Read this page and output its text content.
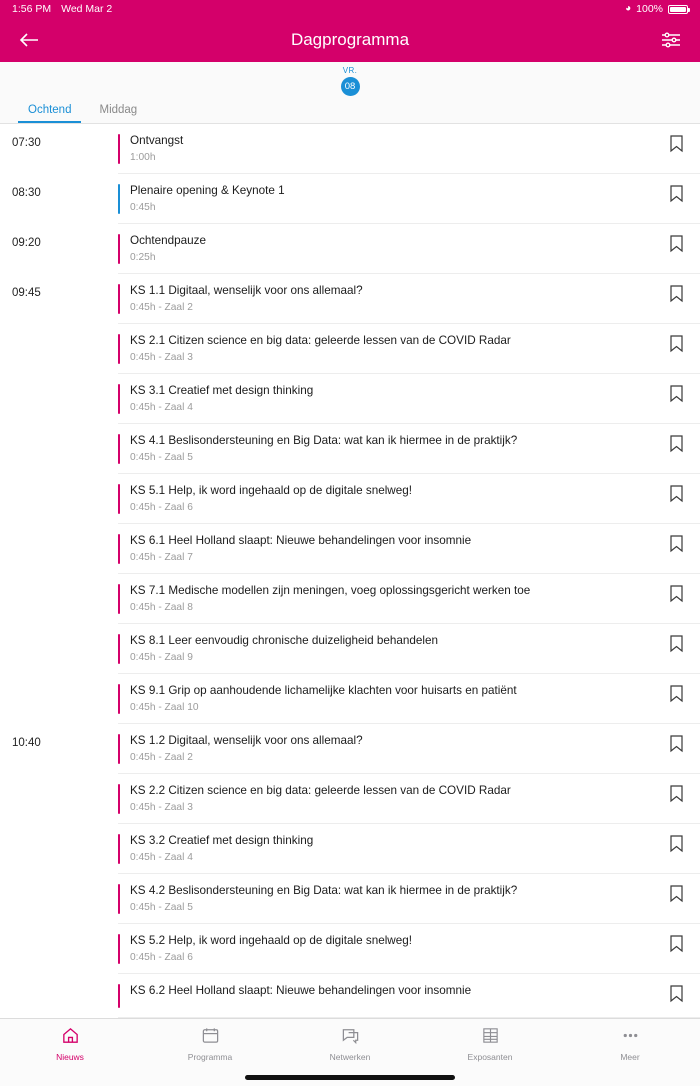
1:56 PM Wed Mar 2	◕ 100%
Dagprogramma
VR.
08
Ochtend Middag
07:30	Ontvangst
1:00h
08:30	Plenaire opening & Keynote 1
0:45h
09:20	Ochtendpauze
0:25h
09:45	KS 1.1 Digitaal, wenselijk voor ons allemaal?
0:45h - Zaal 2
KS 2.1 Citizen science en big data: geleerde lessen van de COVID Radar
0:45h - Zaal 3
KS 3.1 Creatief met design thinking
0:45h - Zaal 4
KS 4.1 Beslisondersteuning en Big Data: wat kan ik hiermee in de praktijk?
0:45h - Zaal 5
KS 5.1 Help, ik word ingehaald op de digitale snelweg!
0:45h - Zaal 6
KS 6.1 Heel Holland slaapt: Nieuwe behandelingen voor insomnie
0:45h - Zaal 7
KS 7.1 Medische modellen zijn meningen, voeg oplossingsgericht werken toe
0:45h - Zaal 8
KS 8.1 Leer eenvoudig chronische duizeligheid behandelen
0:45h - Zaal 9
KS 9.1 Grip op aanhoudende lichamelijke klachten voor huisarts en patiënt
0:45h - Zaal 10
10:40	KS 1.2 Digitaal, wenselijk voor ons allemaal?
0:45h - Zaal 2
KS 2.2 Citizen science en big data: geleerde lessen van de COVID Radar
0:45h - Zaal 3
KS 3.2 Creatief met design thinking
0:45h - Zaal 4
KS 4.2 Beslisondersteuning en Big Data: wat kan ik hiermee in de praktijk?
0:45h - Zaal 5
KS 5.2 Help, ik word ingehaald op de digitale snelweg!
0:45h - Zaal 6
KS 6.2 Heel Holland slaapt: Nieuwe behandelingen voor insomnie
Nieuws	Programma	Netwerken	Exposanten	Meer
